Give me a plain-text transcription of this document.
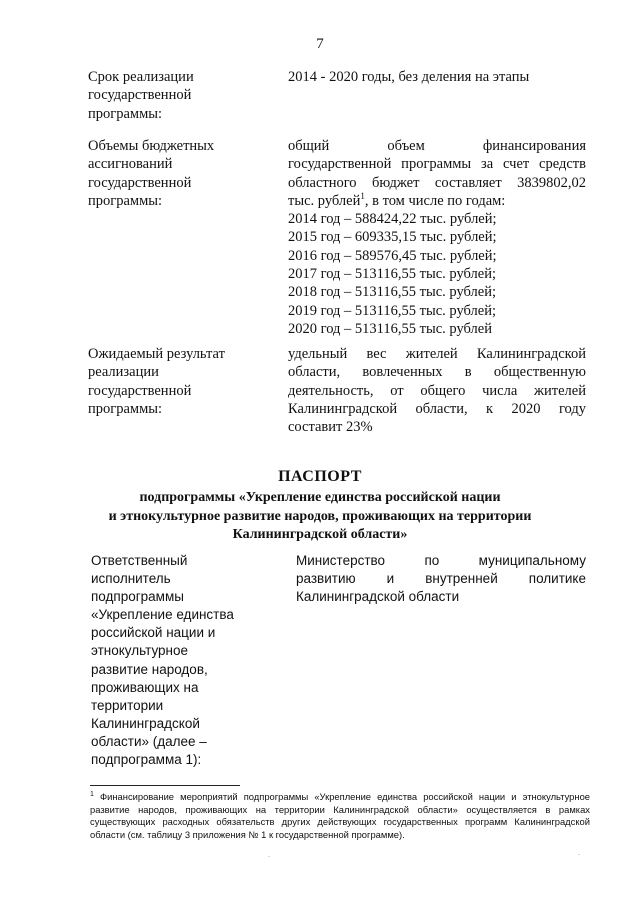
7
Срок реализации
государственной
программы:
2014 - 2020 годы, без деления на этапы
Объемы бюджетных
ассигнований
государственной
программы:
общий объем финансирования
государственной программы за счет средств
областного бюджет составляет 3839802,02
тыс. рублей$^1$, в том числе по годам:
2014 год – 588424,22 тыс. рублей;
2015 год – 609335,15 тыс. рублей;
2016 год – 589576,45 тыс. рублей;
2017 год – 513116,55 тыс. рублей;
2018 год – 513116,55 тыс. рублей;
2019 год – 513116,55 тыс. рублей;
2020 год – 513116,55 тыс. рублей
Ожидаемый результат
реализации
государственной
программы:
удельный вес жителей Калининградской
области, вовлеченных в общественную
деятельность, от общего числа жителей
Калининградской области, к 2020 году
составит 23%
ПАСПОРТ
подпрограммы «Укрепление единства российской нации
и этнокультурное развитие народов, проживающих на территории
Калининградской области»
Ответственный
исполнитель
подпрограммы
«Укрепление единства
российской нации и
этнокультурное
развитие народов,
проживающих на
территории
Калининградской
области» (далее –
подпрограмма 1):
Министерство по муниципальному
развитию и внутренней политике
Калининградской области
$^1$ Финансирование мероприятий подпрограммы «Укрепление единства российской нации и этнокультурное развитие народов, проживающих на территории Калининградской области» осуществляется в рамках существующих расходных обязательств других действующих государственных программ Калининградской области (см. таблицу 3 приложения № 1 к государственной программе).
.	.
